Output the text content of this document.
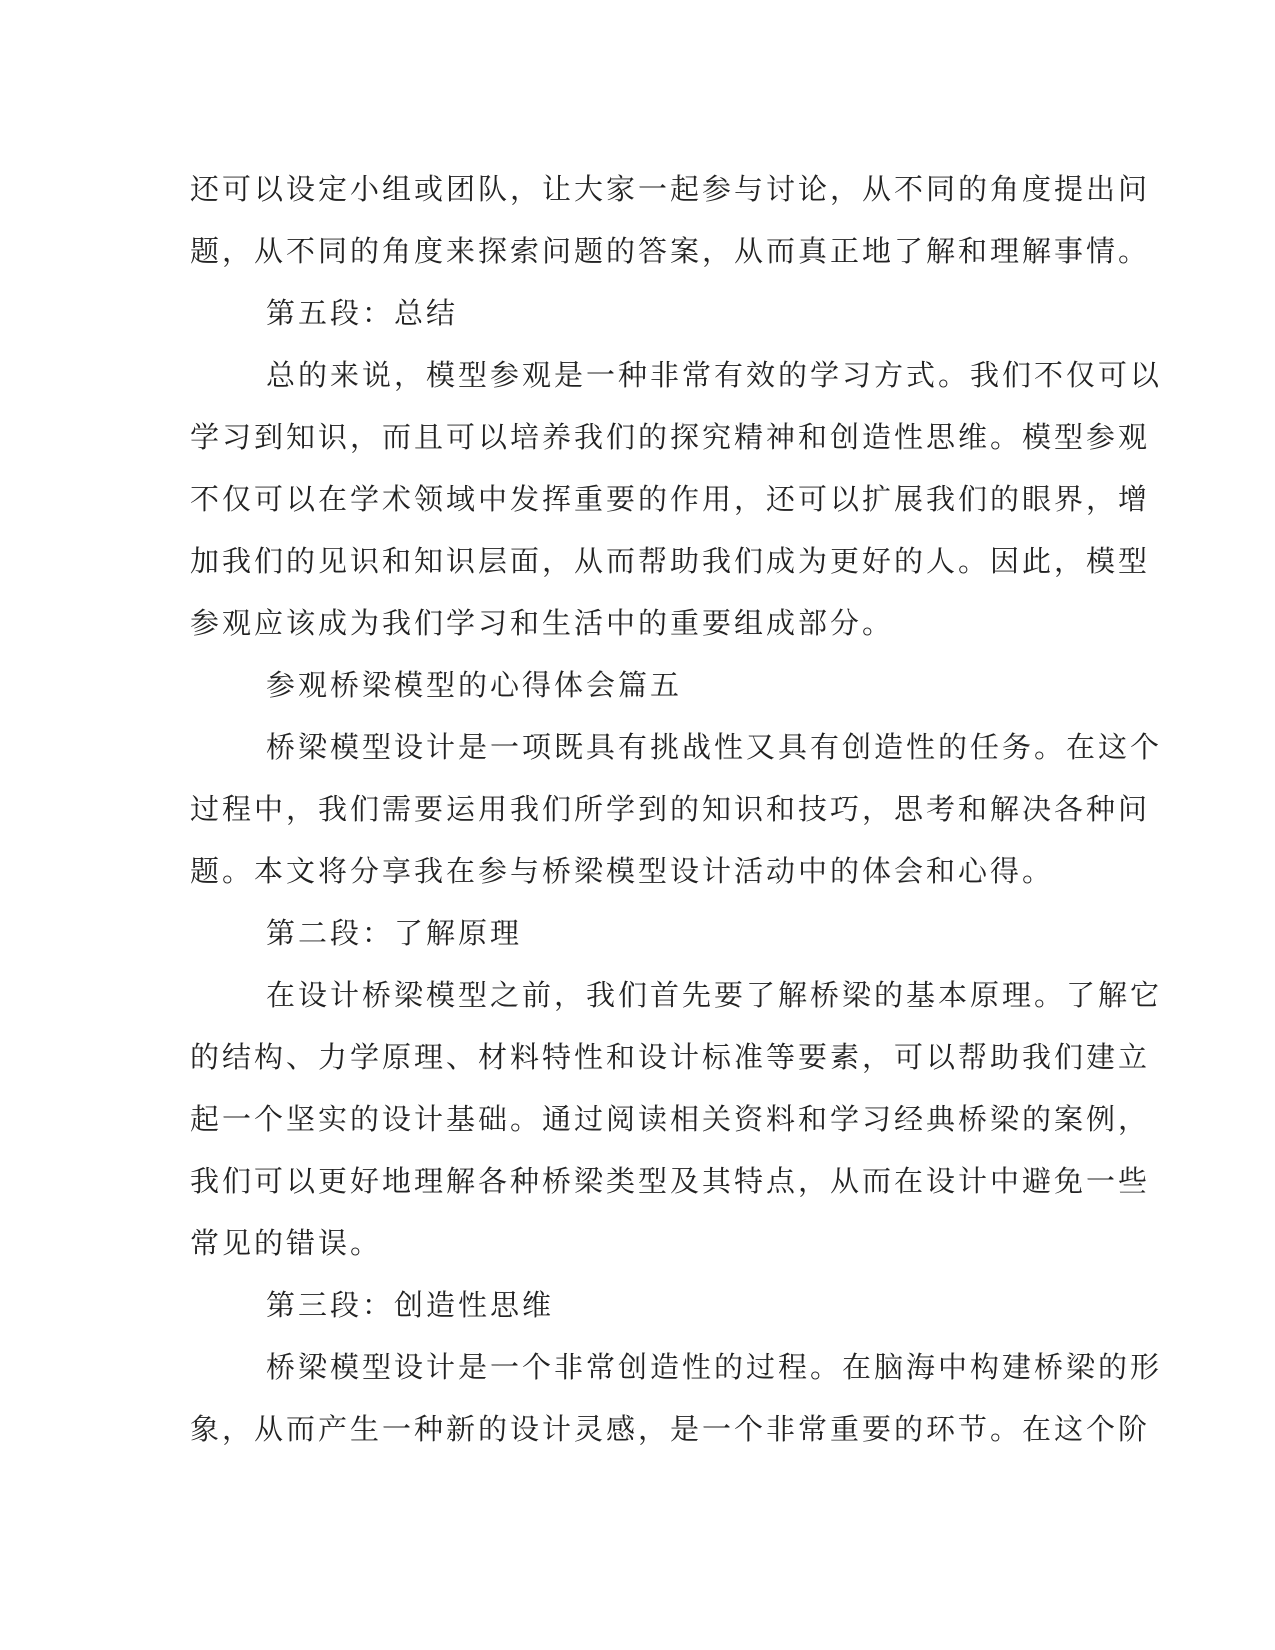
还可以设定小组或团队，让大家一起参与讨论，从不同的角度提出问
题，从不同的角度来探索问题的答案，从而真正地了解和理解事情。
第五段：总结
总的来说，模型参观是一种非常有效的学习方式。我们不仅可以
学习到知识，而且可以培养我们的探究精神和创造性思维。模型参观
不仅可以在学术领域中发挥重要的作用，还可以扩展我们的眼界，增
加我们的见识和知识层面，从而帮助我们成为更好的人。因此，模型
参观应该成为我们学习和生活中的重要组成部分。
参观桥梁模型的心得体会篇五
桥梁模型设计是一项既具有挑战性又具有创造性的任务。在这个
过程中，我们需要运用我们所学到的知识和技巧，思考和解决各种问
题。本文将分享我在参与桥梁模型设计活动中的体会和心得。
第二段：了解原理
在设计桥梁模型之前，我们首先要了解桥梁的基本原理。了解它
的结构、力学原理、材料特性和设计标准等要素，可以帮助我们建立
起一个坚实的设计基础。通过阅读相关资料和学习经典桥梁的案例，
我们可以更好地理解各种桥梁类型及其特点，从而在设计中避免一些
常见的错误。
第三段：创造性思维
桥梁模型设计是一个非常创造性的过程。在脑海中构建桥梁的形
象，从而产生一种新的设计灵感，是一个非常重要的环节。在这个阶
